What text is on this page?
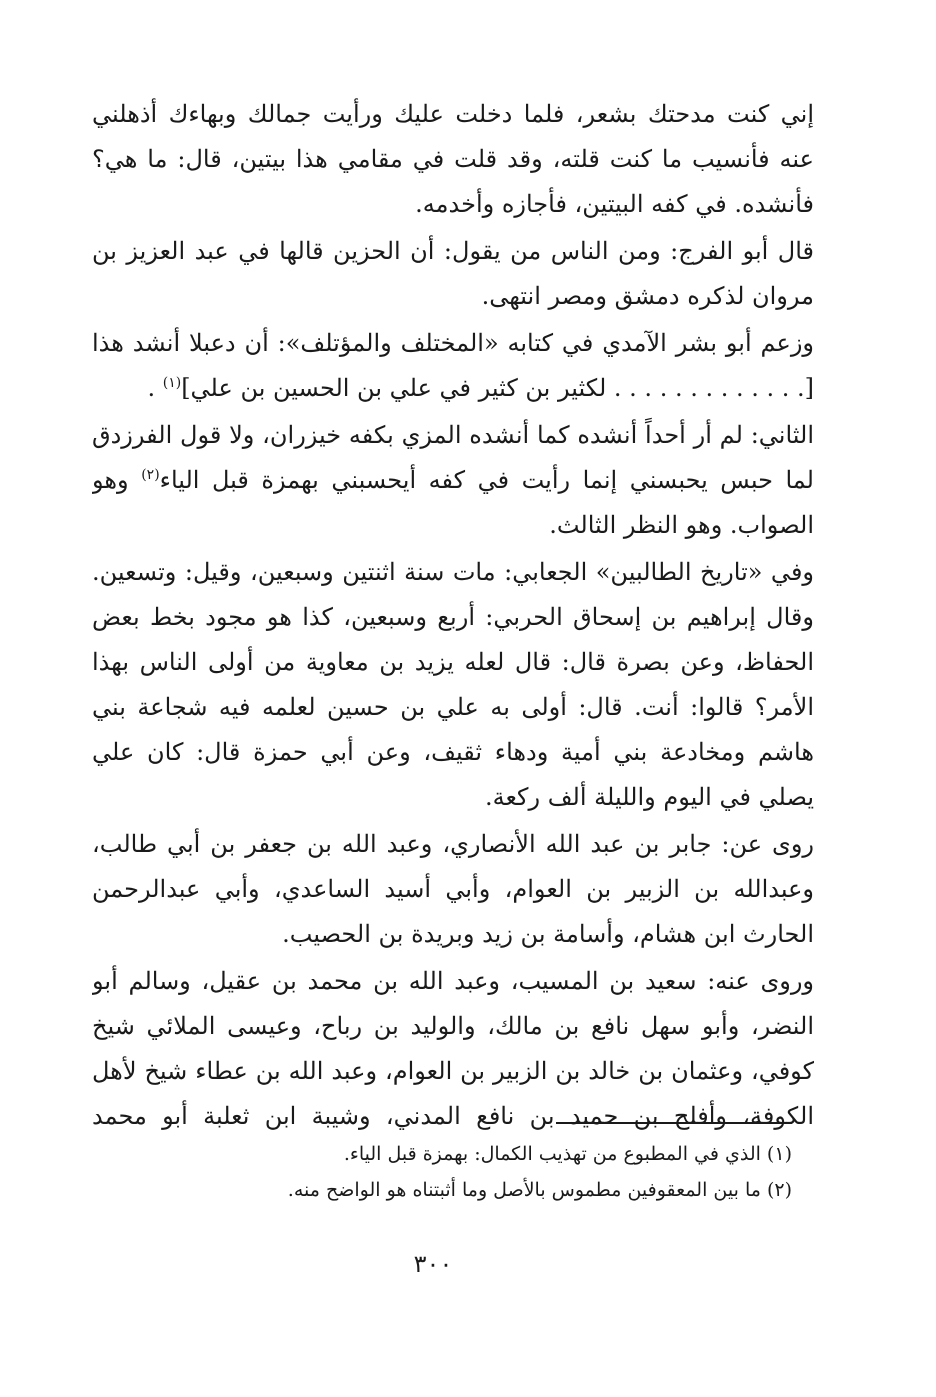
إني كنت مدحتك بشعر، فلما دخلت عليك ورأيت جمالك وبهاءك أذهلني
عنه فأنسيب ما كنت قلته، وقد قلت في مقامي هذا بيتين، قال: ما هي؟
فأنشده. في كفه البيتين، فأجازه وأخدمه.

قال أبو الفرج: ومن الناس من يقول: أن الحزين قالها في عبد العزيز بن
مروان لذكره دمشق ومصر انتهى.

وزعم أبو بشر الآمدي في كتابه «المختلف والمؤتلف»: أن دعبلا أنشد هذا
[. . . . . . . . . . . . . لكثير بن كثير في علي بن الحسين بن علي]$^{(١)}$ .

الثاني: لم أر أحداً أنشده كما أنشده المزي بكفه خيزران، ولا قول الفرزدق
لما حبس يحبسني إنما رأيت في كفه أيحسبني بهمزة قبل الياء$^{(٢)}$ وهو
الصواب. وهو النظر الثالث.

وفي «تاريخ الطالبين» الجعابي: مات سنة اثنتين وسبعين، وقيل: وتسعين.
وقال إبراهيم بن إسحاق الحربي: أربع وسبعين، كذا هو مجود بخط بعض
الحفاظ، وعن بصرة قال: قال لعله يزيد بن معاوية من أولى الناس بهذا
الأمر؟ قالوا: أنت. قال: أولى به علي بن حسين لعلمه فيه شجاعة بني
هاشم ومخادعة بني أمية ودهاء ثقيف، وعن أبي حمزة قال: كان علي
يصلي في اليوم والليلة ألف ركعة.

روى عن: جابر بن عبد الله الأنصاري، وعبد الله بن جعفر بن أبي طالب،
وعبدالله بن الزبير بن العوام، وأبي أسيد الساعدي، وأبي عبدالرحمن
الحارث ابن هشام، وأسامة بن زيد وبريدة بن الحصيب.

وروى عنه: سعيد بن المسيب، وعبد الله بن محمد بن عقيل، وسالم أبو
النضر، وأبو سهل نافع بن مالك، والوليد بن رباح، وعيسى الملائي شيخ
كوفي، وعثمان بن خالد بن الزبير بن العوام، وعبد الله بن عطاء شيخ لأهل
الكوفة، وأفلح بن حميد بن نافع المدني، وشيبة ابن ثعلبة أبو محمد

(١) الذي في المطبوع من تهذيب الكمال: بهمزة قبل الياء.
(٢) ما بين المعقوفين مطموس بالأصل وما أثبتناه هو الواضح منه.
٣٠٠
